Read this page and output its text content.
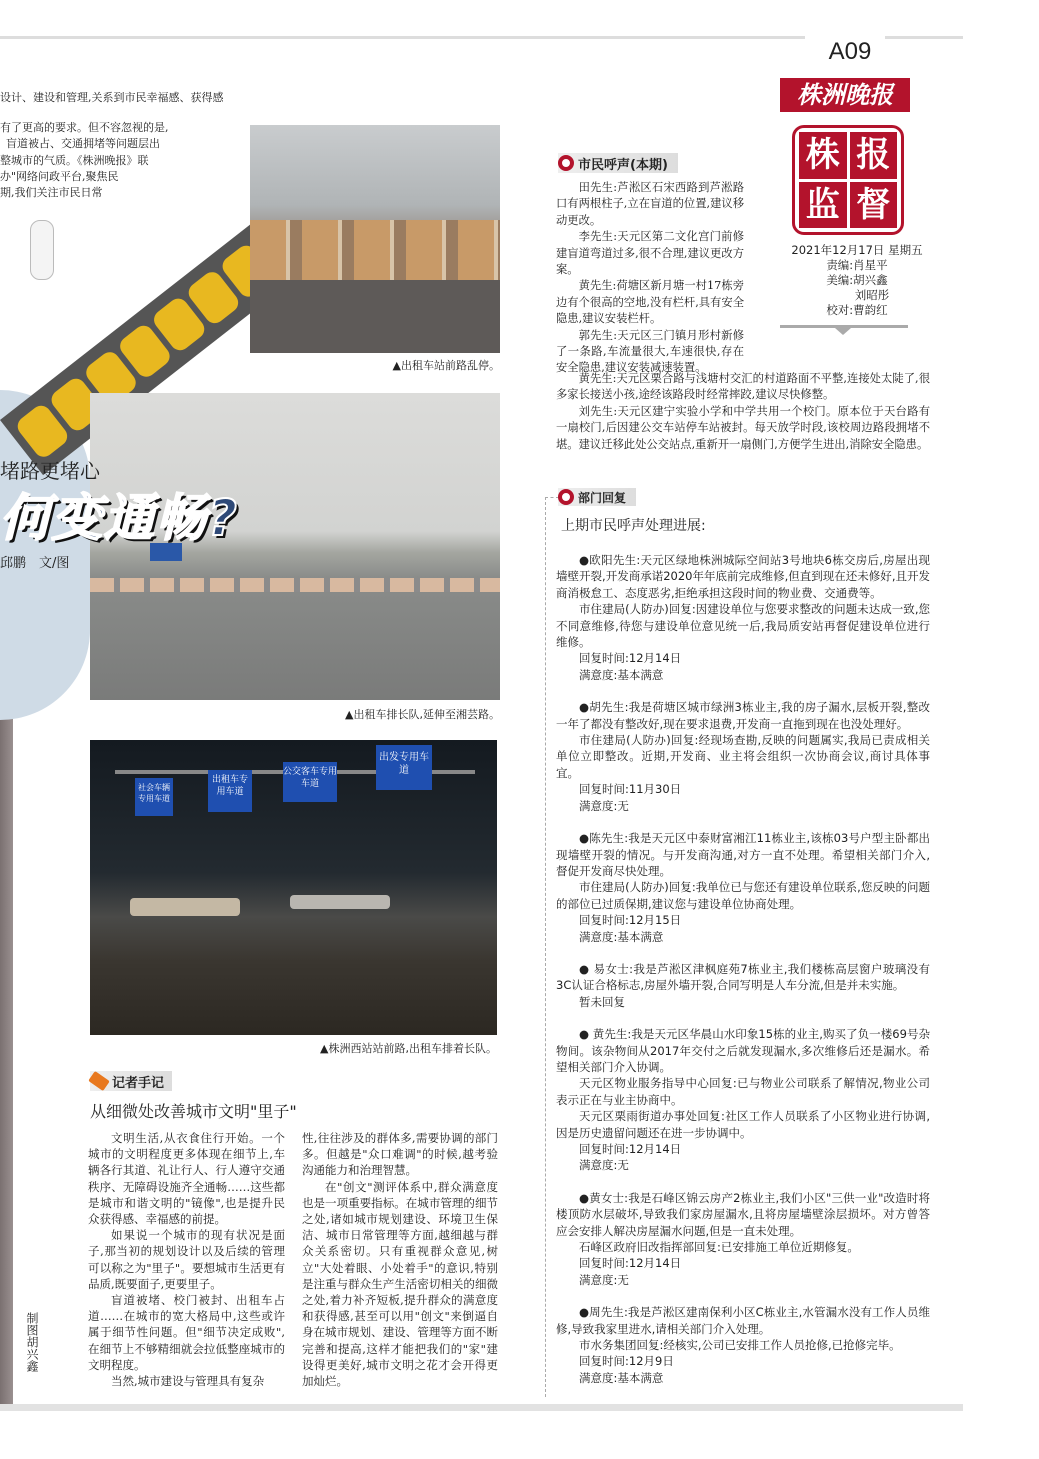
A09
株洲晚报
株 报
监 督
2021年12月17日 星期五
责编:肖星平
美编:胡兴鑫
刘昭彤
校对:曹韵红
设计、建设和管理,关系到市民幸福感、获得感
有了更高的要求。但不容忽视的是,
盲道被占、交通拥堵等问题层出
整城市的气质。《株洲晚报》联
办"网络问政平台,聚焦民
期,我们关注市民日常
▲出租车站前路乱停。
▲出租车排长队,延伸至湘芸路。
堵路更堵心
何变通畅?
邱鹏　文/图
社会车辆专用车道
出租车专用车道
公交客车专用车道
出发专用车道
▲株洲西站站前路,出租车排着长队。
记者手记
从细微处改善城市文明"里子"

文明生活,从衣食住行开始。一个城市的文明程度更多体现在细节上,车辆各行其道、礼让行人、行人遵守交通秩序、无障碍设施齐全通畅……这些都是城市和谐文明的"镜像",也是提升民众获得感、幸福感的前提。

如果说一个城市的现有状况是面子,那当初的规划设计以及后续的管理可以称之为"里子"。要想城市生活更有品质,既要面子,更要里子。

盲道被堵、校门被封、出租车占道……在城市的宽大格局中,这些或许属于细节性问题。但"细节决定成败",在细节上不够精细就会拉低整座城市的文明程度。

当然,城市建设与管理具有复杂

性,往往涉及的群体多,需要协调的部门多。但越是"众口难调"的时候,越考验沟通能力和治理智慧。

在"创文"测评体系中,群众满意度也是一项重要指标。在城市管理的细节之处,诸如城市规划建设、环境卫生保洁、城市日常管理等方面,越细越与群众关系密切。只有重视群众意见,树立"大处着眼、小处着手"的意识,特别是注重与群众生产生活密切相关的细微之处,着力补齐短板,提升群众的满意度和获得感,甚至可以用"创文"来倒逼自身在城市规划、建设、管理等方面不断完善和提高,这样才能把我们的"家"建设得更美好,城市文明之花才会开得更加灿烂。

制图胡兴鑫
市民呼声(本期)

田先生:芦淞区石宋西路到芦淞路口有两根柱子,立在盲道的位置,建议移动更改。

李先生:天元区第二文化宫门前修建盲道弯道过多,很不合理,建议更改方案。

黄先生:荷塘区新月塘一村17栋旁边有个很高的空地,没有栏杆,具有安全隐患,建议安装栏杆。

郭先生:天元区三门镇月形村新修了一条路,车流量很大,车速很快,存在安全隐患,建议安装减速装置。

黄先生:天元区栗合路与浅塘村交汇的村道路面不平整,连接处太陡了,很多家长接送小孩,途经该路段时经常摔跤,建议尽快修整。

刘先生:天元区建宁实验小学和中学共用一个校门。原本位于天台路有一扇校门,后因建公交车站停车站被封。每天放学时段,该校周边路段拥堵不堪。建议迁移此处公交站点,重新开一扇侧门,方便学生进出,消除安全隐患。

部门回复
上期市民呼声处理进展:

●欧阳先生:天元区绿地株洲城际空间站3号地块6栋交房后,房屋出现墙壁开裂,开发商承诺2020年年底前完成维修,但直到现在还未修好,且开发商消极怠工、态度恶劣,拒绝承担这段时间的物业费、交通费等。

市住建局(人防办)回复:因建设单位与您要求整改的问题未达成一致,您不同意维修,待您与建设单位意见统一后,我局质安站再督促建设单位进行维修。

回复时间:12月14日

满意度:基本满意

●胡先生:我是荷塘区城市绿洲3栋业主,我的房子漏水,层板开裂,整改一年了都没有整改好,现在要求退费,开发商一直拖到现在也没处理好。

市住建局(人防办)回复:经现场查勘,反映的问题属实,我局已责成相关单位立即整改。近期,开发商、业主将会组织一次协商会议,商讨具体事宜。

回复时间:11月30日

满意度:无

●陈先生:我是天元区中泰财富湘江11栋业主,该栋03号户型主卧都出现墙壁开裂的情况。与开发商沟通,对方一直不处理。希望相关部门介入,督促开发商尽快处理。

市住建局(人防办)回复:我单位已与您还有建设单位联系,您反映的问题的部位已过质保期,建议您与建设单位协商处理。

回复时间:12月15日

满意度:基本满意

● 易女士:我是芦淞区津枫庭苑7栋业主,我们楼栋高层窗户玻璃没有3C认证合格标志,房屋外墙开裂,合同写明是人车分流,但是并未实施。

暂未回复

● 黄先生:我是天元区华晨山水印象15栋的业主,购买了负一楼69号杂物间。该杂物间从2017年交付之后就发现漏水,多次维修后还是漏水。希望相关部门介入协调。

天元区物业服务指导中心回复:已与物业公司联系了解情况,物业公司表示正在与业主协商中。

天元区栗雨街道办事处回复:社区工作人员联系了小区物业进行协调,因是历史遗留问题还在进一步协调中。

回复时间:12月14日

满意度:无

●黄女士:我是石峰区锦云房产2栋业主,我们小区"三供一业"改造时将楼顶防水层破坏,导致我们家房屋漏水,且将房屋墙壁涂层损坏。对方曾答应会安排人解决房屋漏水问题,但是一直未处理。

石峰区政府旧改指挥部回复:已安排施工单位近期修复。

回复时间:12月14日

满意度:无

●周先生:我是芦淞区建南保利小区C栋业主,水管漏水没有工作人员维修,导致我家里进水,请相关部门介入处理。

市水务集团回复:经核实,公司已安排工作人员抢修,已抢修完毕。

回复时间:12月9日

满意度:基本满意
